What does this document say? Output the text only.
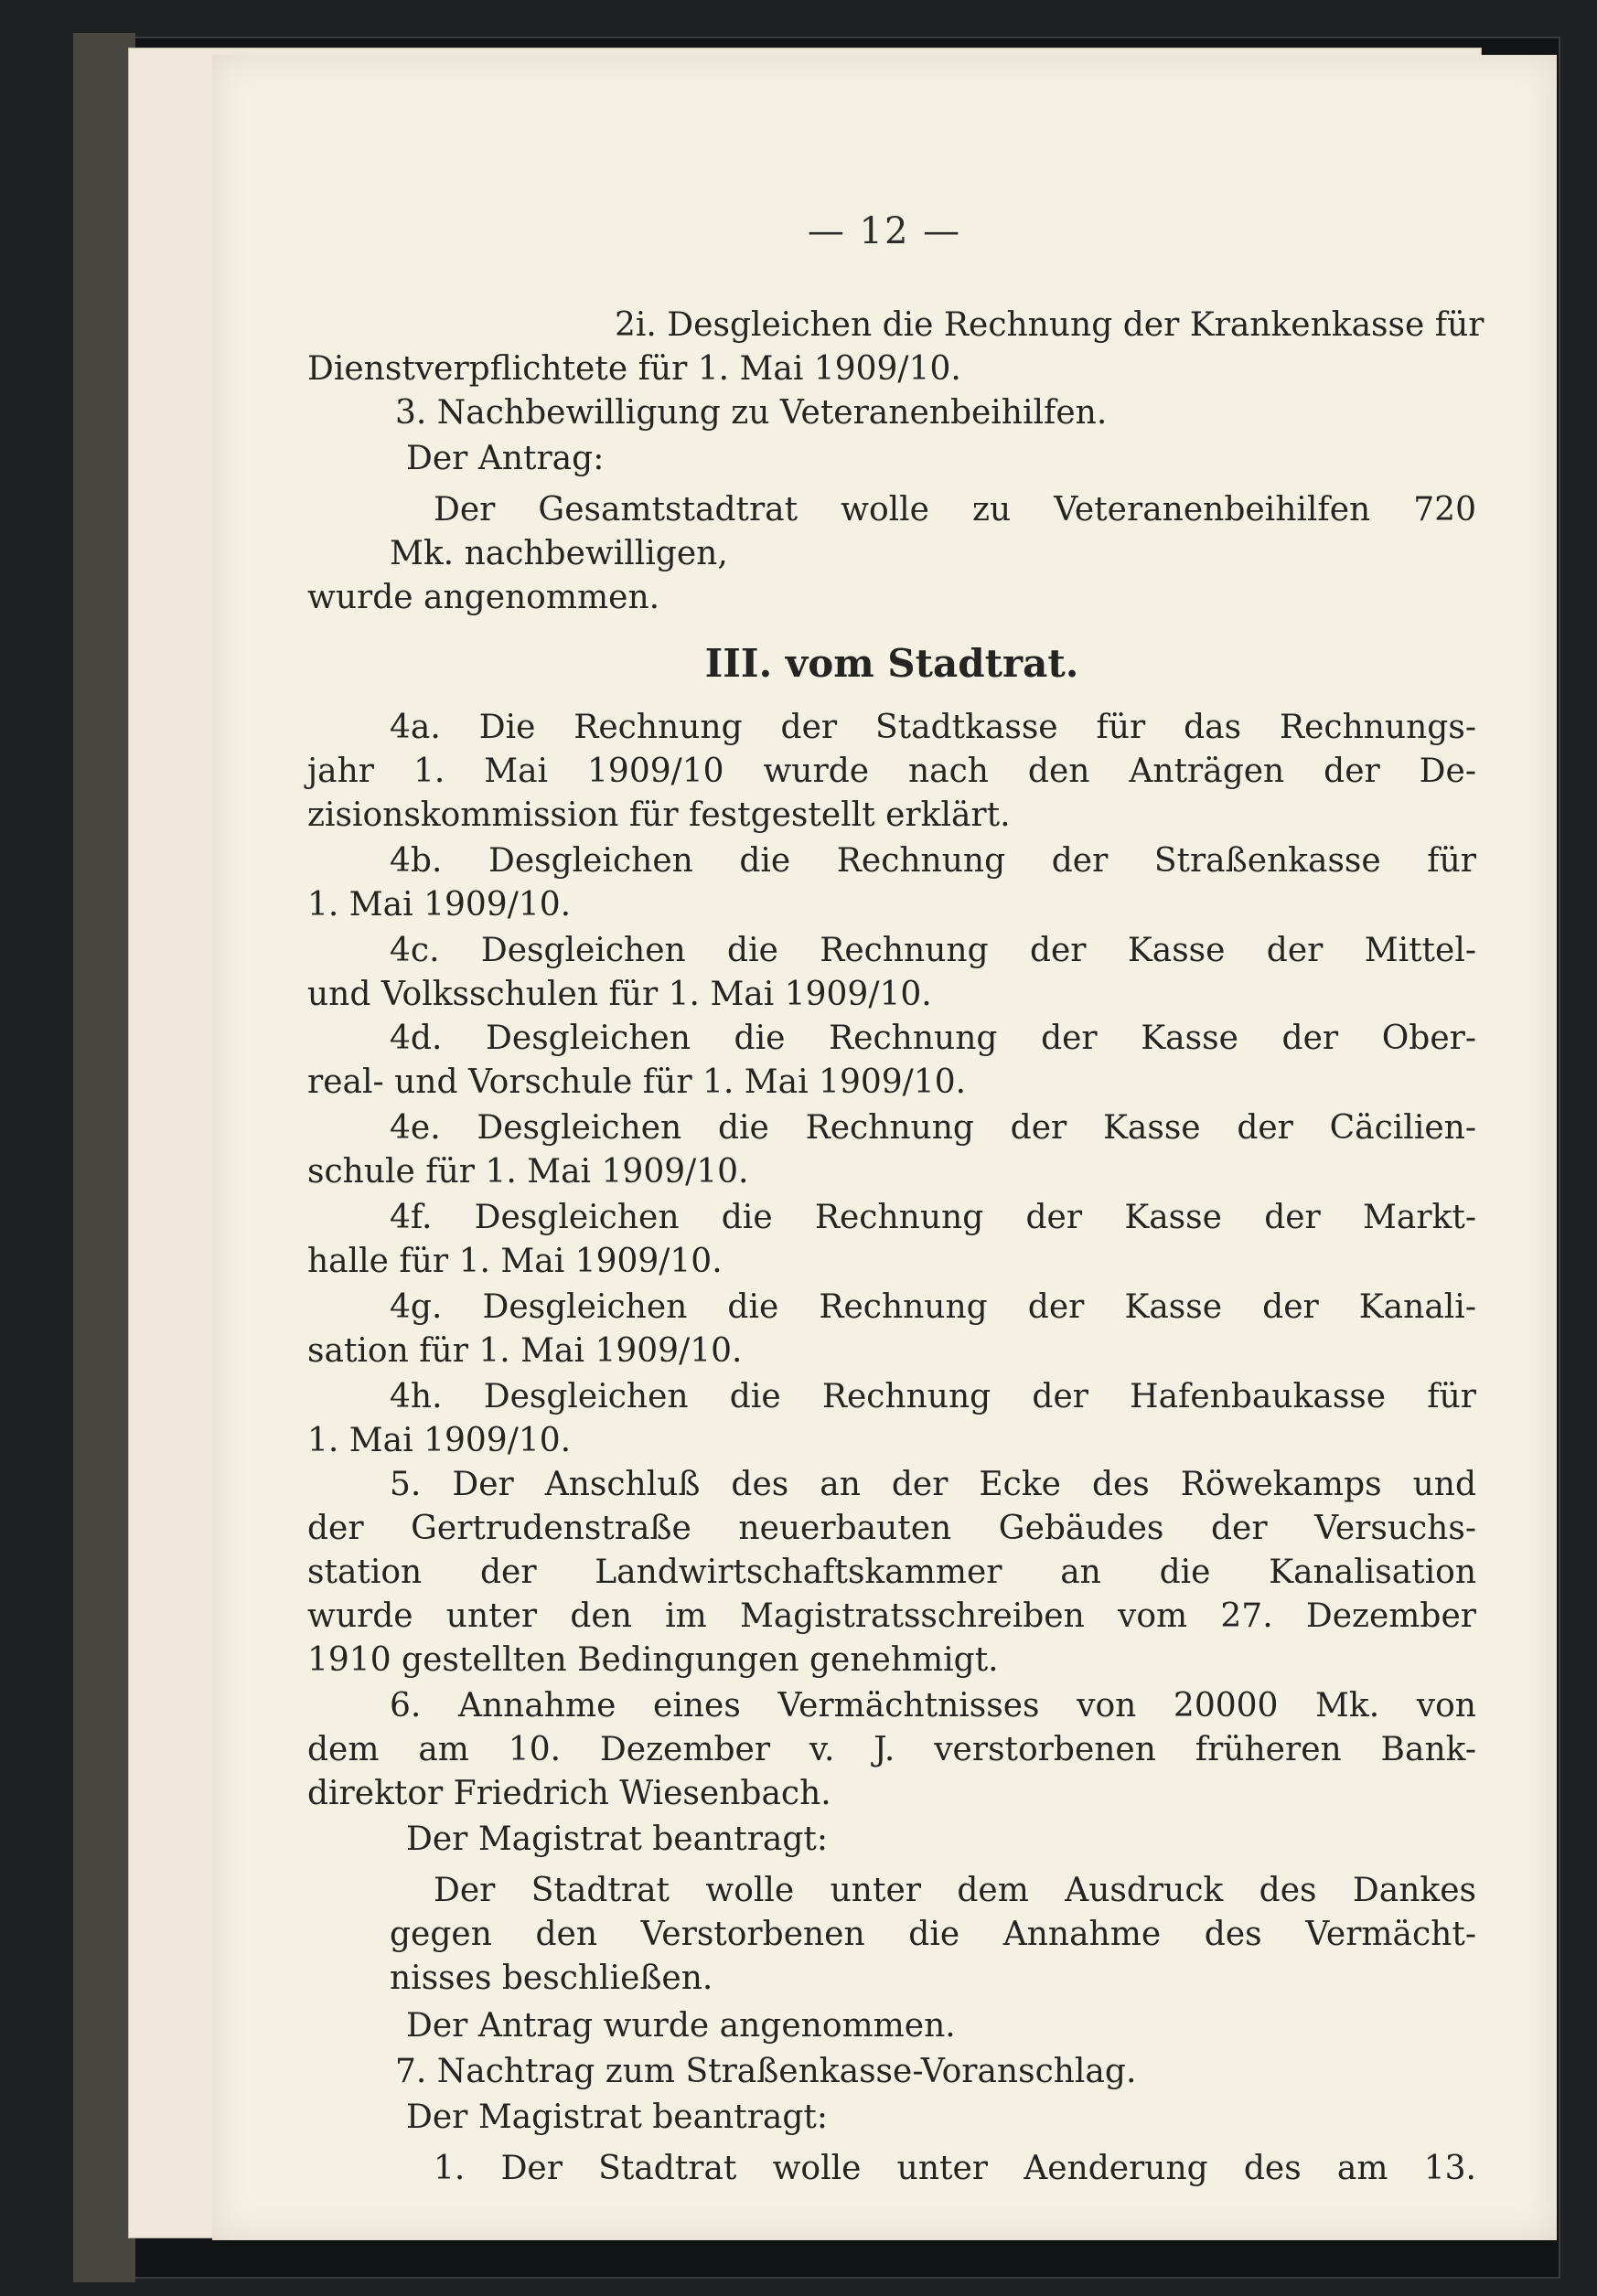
— 12 —
2i. Desgleichen die Rechnung der Krankenkasse für
Dienstverpflichtete für 1. Mai 1909/10.
3. Nachbewilligung zu Veteranenbeihilfen.
Der Antrag:
Der Gesamtstadtrat wolle zu Veteranenbeihilfen 720
Mk. nachbewilligen,
wurde angenommen.
III. vom Stadtrat.
4a. Die Rechnung der Stadtkasse für das Rechnungs-
jahr 1. Mai 1909/10 wurde nach den Anträgen der De-
zisionskommission für festgestellt erklärt.
4b. Desgleichen die Rechnung der Straßenkasse für
1. Mai 1909/10.
4c. Desgleichen die Rechnung der Kasse der Mittel-
und Volksschulen für 1. Mai 1909/10.
4d. Desgleichen die Rechnung der Kasse der Ober-
real- und Vorschule für 1. Mai 1909/10.
4e. Desgleichen die Rechnung der Kasse der Cäcilien-
schule für 1. Mai 1909/10.
4f. Desgleichen die Rechnung der Kasse der Markt-
halle für 1. Mai 1909/10.
4g. Desgleichen die Rechnung der Kasse der Kanali-
sation für 1. Mai 1909/10.
4h. Desgleichen die Rechnung der Hafenbaukasse für
1. Mai 1909/10.
5. Der Anschluß des an der Ecke des Röwekamps und
der Gertrudenstraße neuerbauten Gebäudes der Versuchs-
station der Landwirtschaftskammer an die Kanalisation
wurde unter den im Magistratsschreiben vom 27. Dezember
1910 gestellten Bedingungen genehmigt.
6. Annahme eines Vermächtnisses von 20000 Mk. von
dem am 10. Dezember v. J. verstorbenen früheren Bank-
direktor Friedrich Wiesenbach.
Der Magistrat beantragt:
Der Stadtrat wolle unter dem Ausdruck des Dankes
gegen den Verstorbenen die Annahme des Vermächt-
nisses beschließen.
Der Antrag wurde angenommen.
7. Nachtrag zum Straßenkasse-Voranschlag.
Der Magistrat beantragt:
1. Der Stadtrat wolle unter Aenderung des am 13.
